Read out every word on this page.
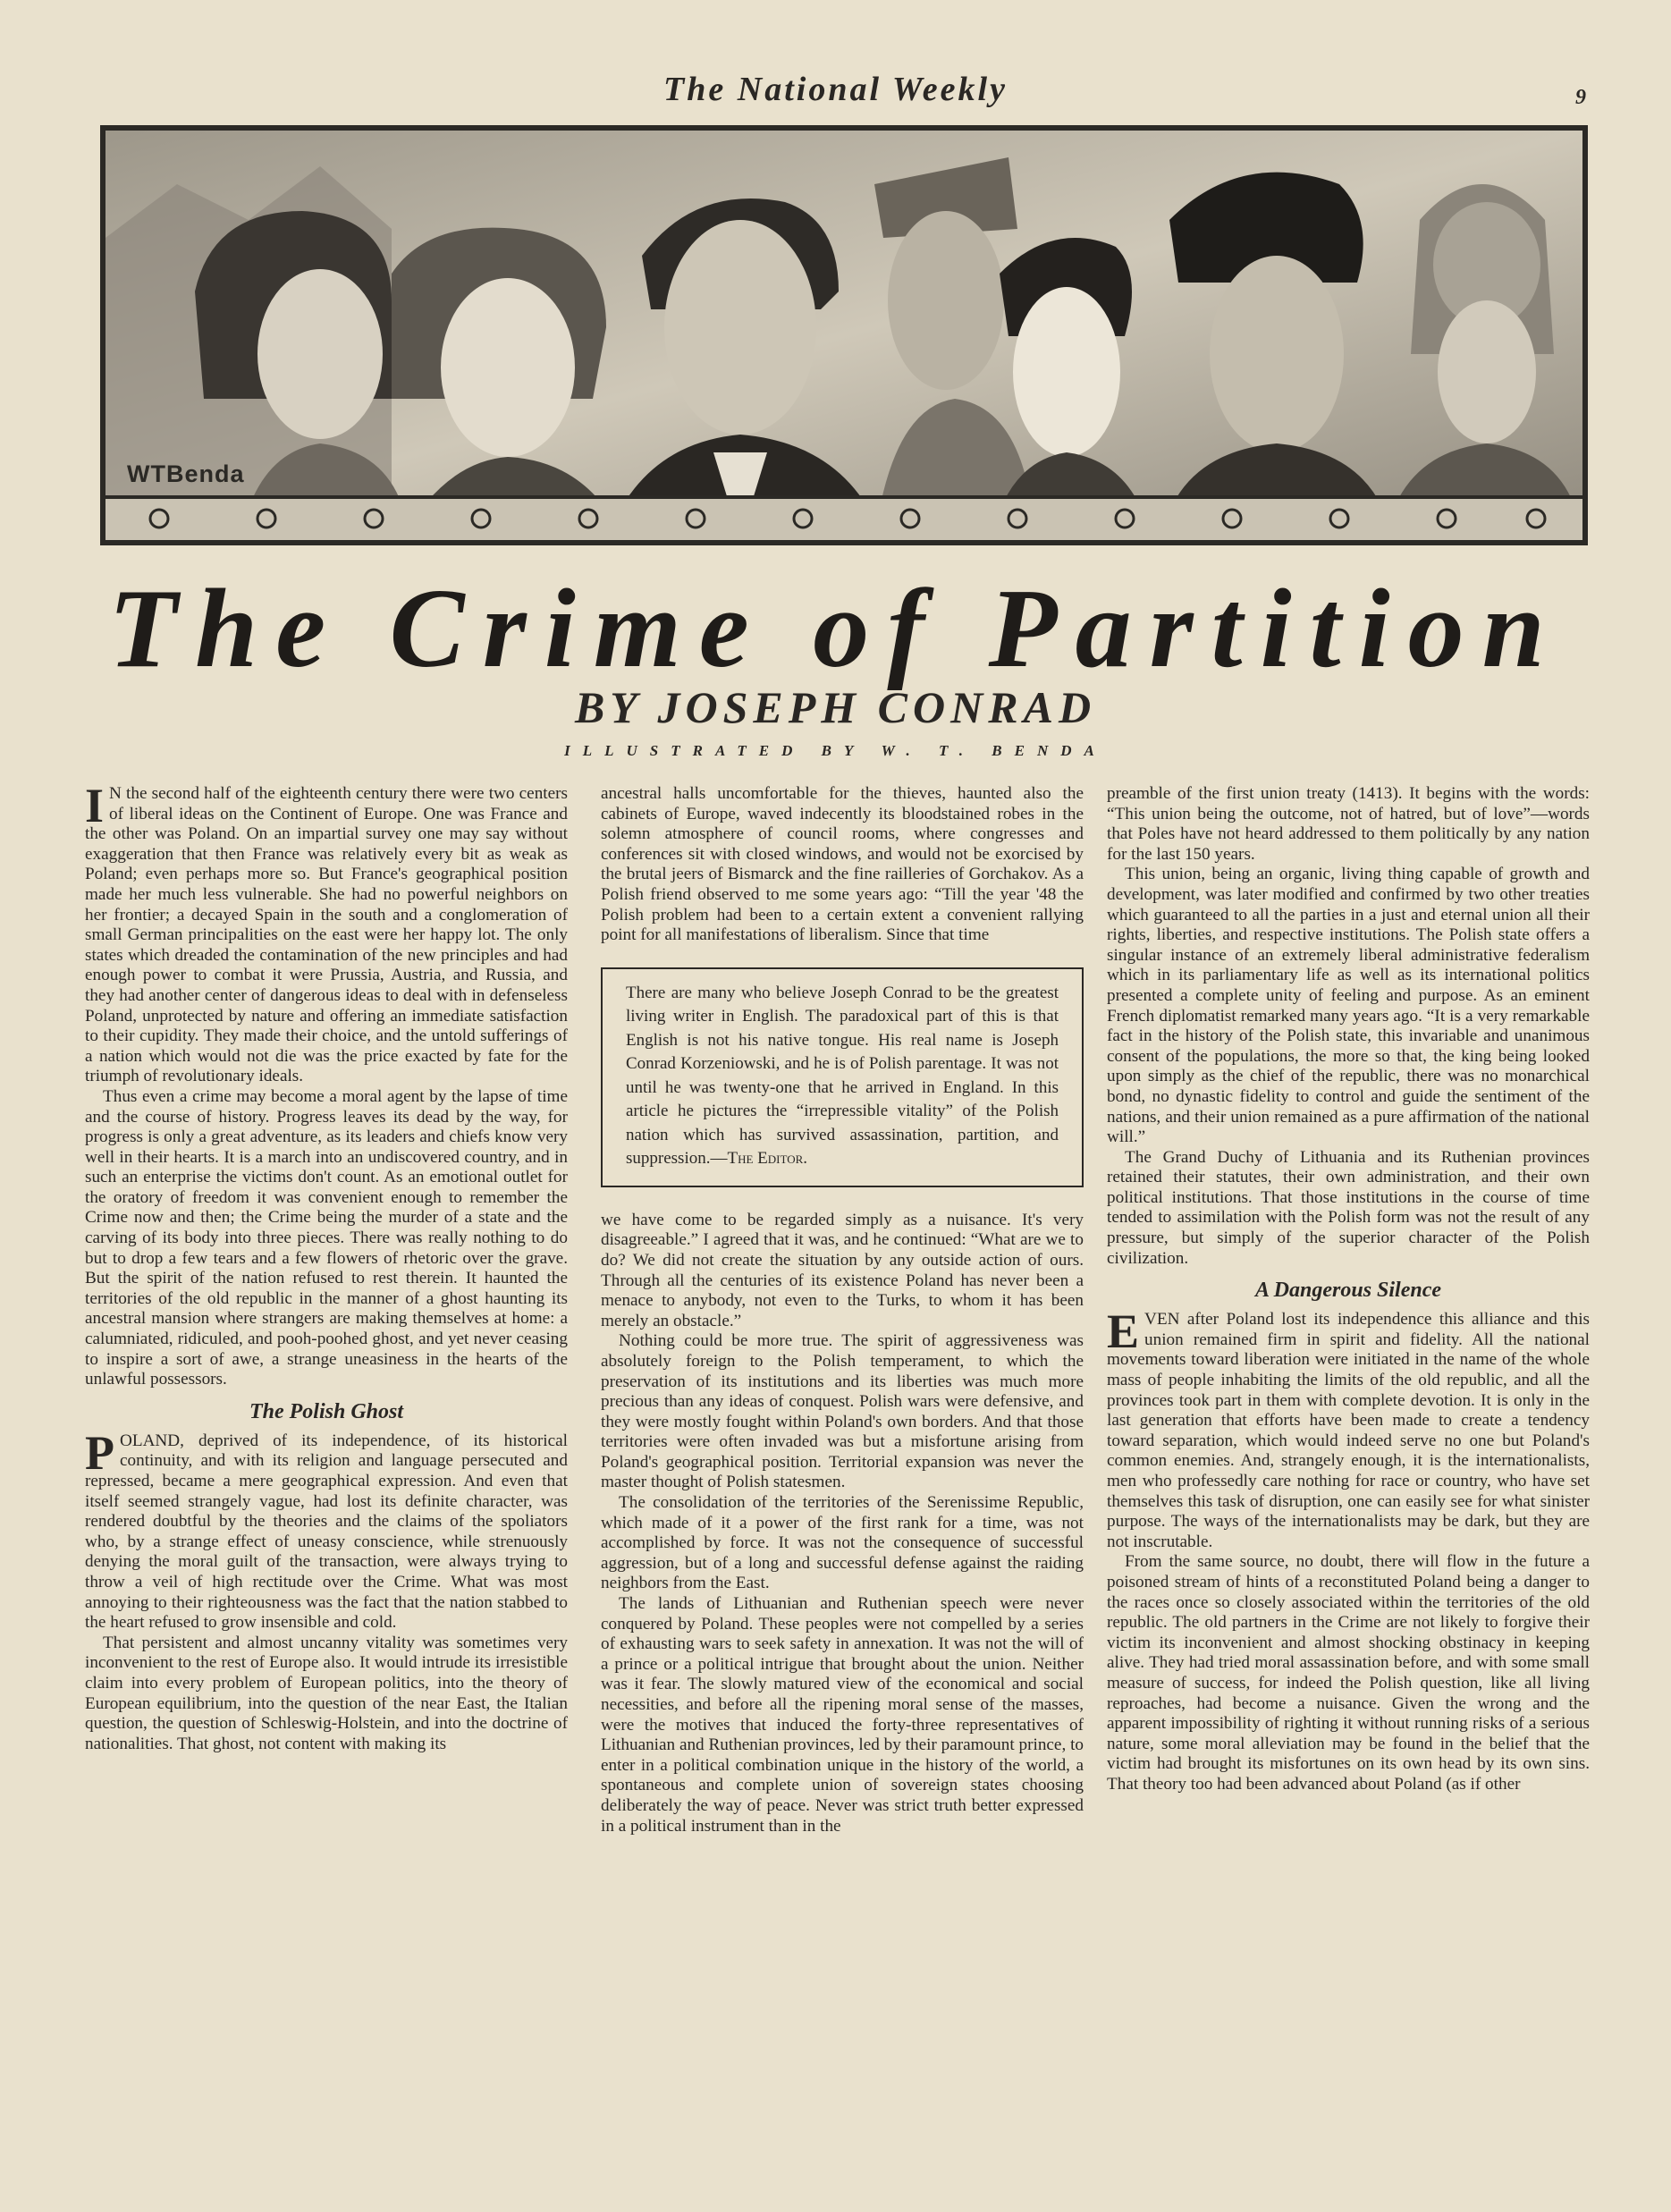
The National Weekly	9
WTBenda
The Crime of Partition
BY JOSEPH CONRAD
ILLUSTRATED BY W. T. BENDA

I N the second half of the eighteenth century there were two centers of liberal ideas on the Continent of Europe. One was France and the other was Poland. On an impartial survey one may say without exaggeration that then France was relatively every bit as weak as Poland; even perhaps more so. But France's geographical position made her much less vulnerable. She had no powerful neighbors on her frontier; a decayed Spain in the south and a conglomeration of small German principalities on the east were her happy lot. The only states which dreaded the contamination of the new principles and had enough power to combat it were Prussia, Austria, and Russia, and they had another center of dangerous ideas to deal with in defenseless Poland, unprotected by nature and offering an immediate satisfaction to their cupidity. They made their choice, and the untold sufferings of a nation which would not die was the price exacted by fate for the triumph of revolutionary ideals.

Thus even a crime may become a moral agent by the lapse of time and the course of history. Progress leaves its dead by the way, for progress is only a great adventure, as its leaders and chiefs know very well in their hearts. It is a march into an undiscovered country, and in such an enterprise the victims don't count. As an emotional outlet for the oratory of freedom it was convenient enough to remember the Crime now and then; the Crime being the murder of a state and the carving of its body into three pieces. There was really nothing to do but to drop a few tears and a few flowers of rhetoric over the grave. But the spirit of the nation refused to rest therein. It haunted the territories of the old republic in the manner of a ghost haunting its ancestral mansion where strangers are making themselves at home: a calumniated, ridiculed, and pooh-poohed ghost, and yet never ceasing to inspire a sort of awe, a strange uneasiness in the hearts of the unlawful possessors.

The Polish Ghost

POLAND, deprived of its independence, of its historical continuity, and with its religion and language persecuted and repressed, became a mere geographical expression. And even that itself seemed strangely vague, had lost its definite character, was rendered doubtful by the theories and the claims of the spoliators who, by a strange effect of uneasy conscience, while strenuously denying the moral guilt of the transaction, were always trying to throw a veil of high rectitude over the Crime. What was most annoying to their righteousness was the fact that the nation stabbed to the heart refused to grow insensible and cold.

That persistent and almost uncanny vitality was sometimes very inconvenient to the rest of Europe also. It would intrude its irresistible claim into every problem of European politics, into the theory of European equilibrium, into the question of the near East, the Italian question, the question of Schleswig-Holstein, and into the doctrine of nationalities. That ghost, not content with making its

ancestral halls uncomfortable for the thieves, haunted also the cabinets of Europe, waved indecently its bloodstained robes in the solemn atmosphere of council rooms, where congresses and conferences sit with closed windows, and would not be exorcised by the brutal jeers of Bismarck and the fine railleries of Gorchakov. As a Polish friend observed to me some years ago: “Till the year '48 the Polish problem had been to a certain extent a convenient rallying point for all manifestations of liberalism. Since that time

There are many who believe Joseph Conrad to be the greatest living writer in English. The paradoxical part of this is that English is not his native tongue. His real name is Joseph Conrad Korzeniowski, and he is of Polish parentage. It was not until he was twenty-one that he arrived in England. In this article he pictures the “irrepressible vitality” of the Polish nation which has survived assassination, partition, and suppression.—The Editor.

we have come to be regarded simply as a nuisance. It's very disagreeable.” I agreed that it was, and he continued: “What are we to do? We did not create the situation by any outside action of ours. Through all the centuries of its existence Poland has never been a menace to anybody, not even to the Turks, to whom it has been merely an obstacle.”

Nothing could be more true. The spirit of aggressiveness was absolutely foreign to the Polish temperament, to which the preservation of its institutions and its liberties was much more precious than any ideas of conquest. Polish wars were defensive, and they were mostly fought within Poland's own borders. And that those territories were often invaded was but a misfortune arising from Poland's geographical position. Territorial expansion was never the master thought of Polish statesmen.

The consolidation of the territories of the Serenissime Republic, which made of it a power of the first rank for a time, was not accomplished by force. It was not the consequence of successful aggression, but of a long and successful defense against the raiding neighbors from the East.

The lands of Lithuanian and Ruthenian speech were never conquered by Poland. These peoples were not compelled by a series of exhausting wars to seek safety in annexation. It was not the will of a prince or a political intrigue that brought about the union. Neither was it fear. The slowly matured view of the economical and social necessities, and before all the ripening moral sense of the masses, were the motives that induced the forty-three representatives of Lithuanian and Ruthenian provinces, led by their paramount prince, to enter in a political combination unique in the history of the world, a spontaneous and complete union of sovereign states choosing deliberately the way of peace. Never was strict truth better expressed in a political instrument than in the

preamble of the first union treaty (1413). It begins with the words: “This union being the outcome, not of hatred, but of love”—words that Poles have not heard addressed to them politically by any nation for the last 150 years.

This union, being an organic, living thing capable of growth and development, was later modified and confirmed by two other treaties which guaranteed to all the parties in a just and eternal union all their rights, liberties, and respective institutions. The Polish state offers a singular instance of an extremely liberal administrative federalism which in its parliamentary life as well as its international politics presented a complete unity of feeling and purpose. As an eminent French diplomatist remarked many years ago. “It is a very remarkable fact in the history of the Polish state, this invariable and unanimous consent of the populations, the more so that, the king being looked upon simply as the chief of the republic, there was no monarchical bond, no dynastic fidelity to control and guide the sentiment of the nations, and their union remained as a pure affirmation of the national will.”

The Grand Duchy of Lithuania and its Ruthenian provinces retained their statutes, their own administration, and their own political institutions. That those institutions in the course of time tended to assimilation with the Polish form was not the result of any pressure, but simply of the superior character of the Polish civilization.

A Dangerous Silence

EVEN after Poland lost its independence this alliance and this union remained firm in spirit and fidelity. All the national movements toward liberation were initiated in the name of the whole mass of people inhabiting the limits of the old republic, and all the provinces took part in them with complete devotion. It is only in the last generation that efforts have been made to create a tendency toward separation, which would indeed serve no one but Poland's common enemies. And, strangely enough, it is the internationalists, men who professedly care nothing for race or country, who have set themselves this task of disruption, one can easily see for what sinister purpose. The ways of the internationalists may be dark, but they are not inscrutable.

From the same source, no doubt, there will flow in the future a poisoned stream of hints of a reconstituted Poland being a danger to the races once so closely associated within the territories of the old republic. The old partners in the Crime are not likely to forgive their victim its inconvenient and almost shocking obstinacy in keeping alive. They had tried moral assassination before, and with some small measure of success, for indeed the Polish question, like all living reproaches, had become a nuisance. Given the wrong and the apparent impossibility of righting it without running risks of a serious nature, some moral alleviation may be found in the belief that the victim had brought its misfortunes on its own head by its own sins. That theory too had been advanced about Poland (as if other
